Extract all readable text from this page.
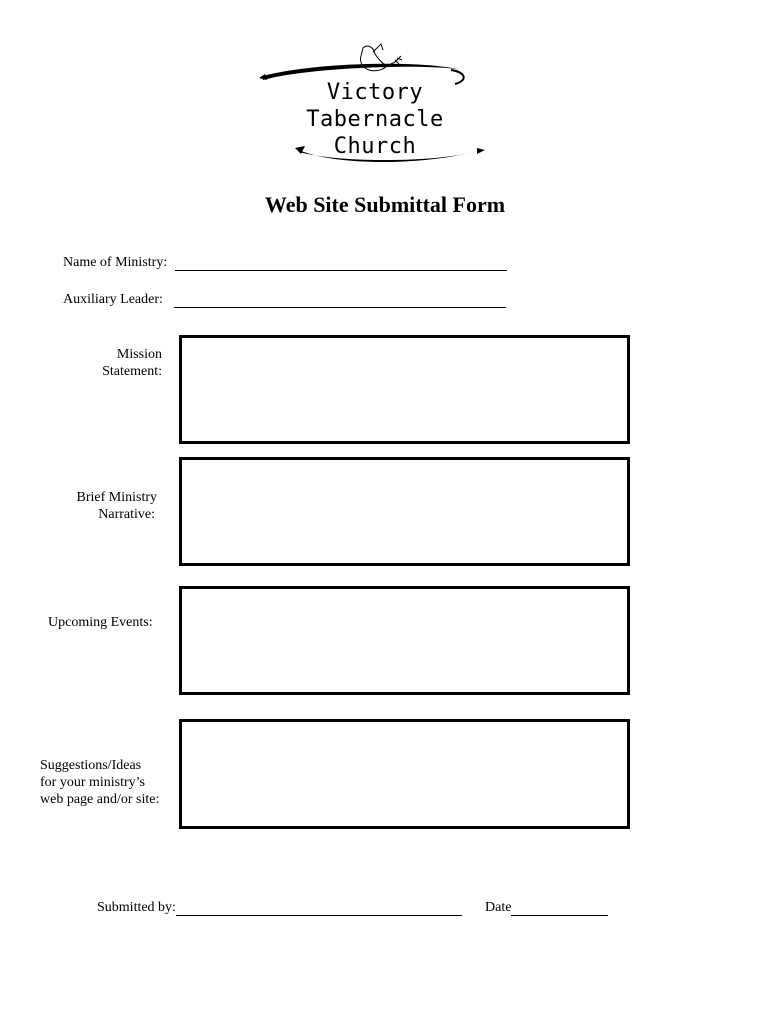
Victory
Tabernacle
Church
Web Site Submittal Form
Name of Ministry:
Auxiliary Leader:
Mission
Statement:
Brief Ministry
Narrative:
Upcoming Events:
Suggestions/Ideas
for your ministry’s
web page and/or site:
Submitted by:	Date
